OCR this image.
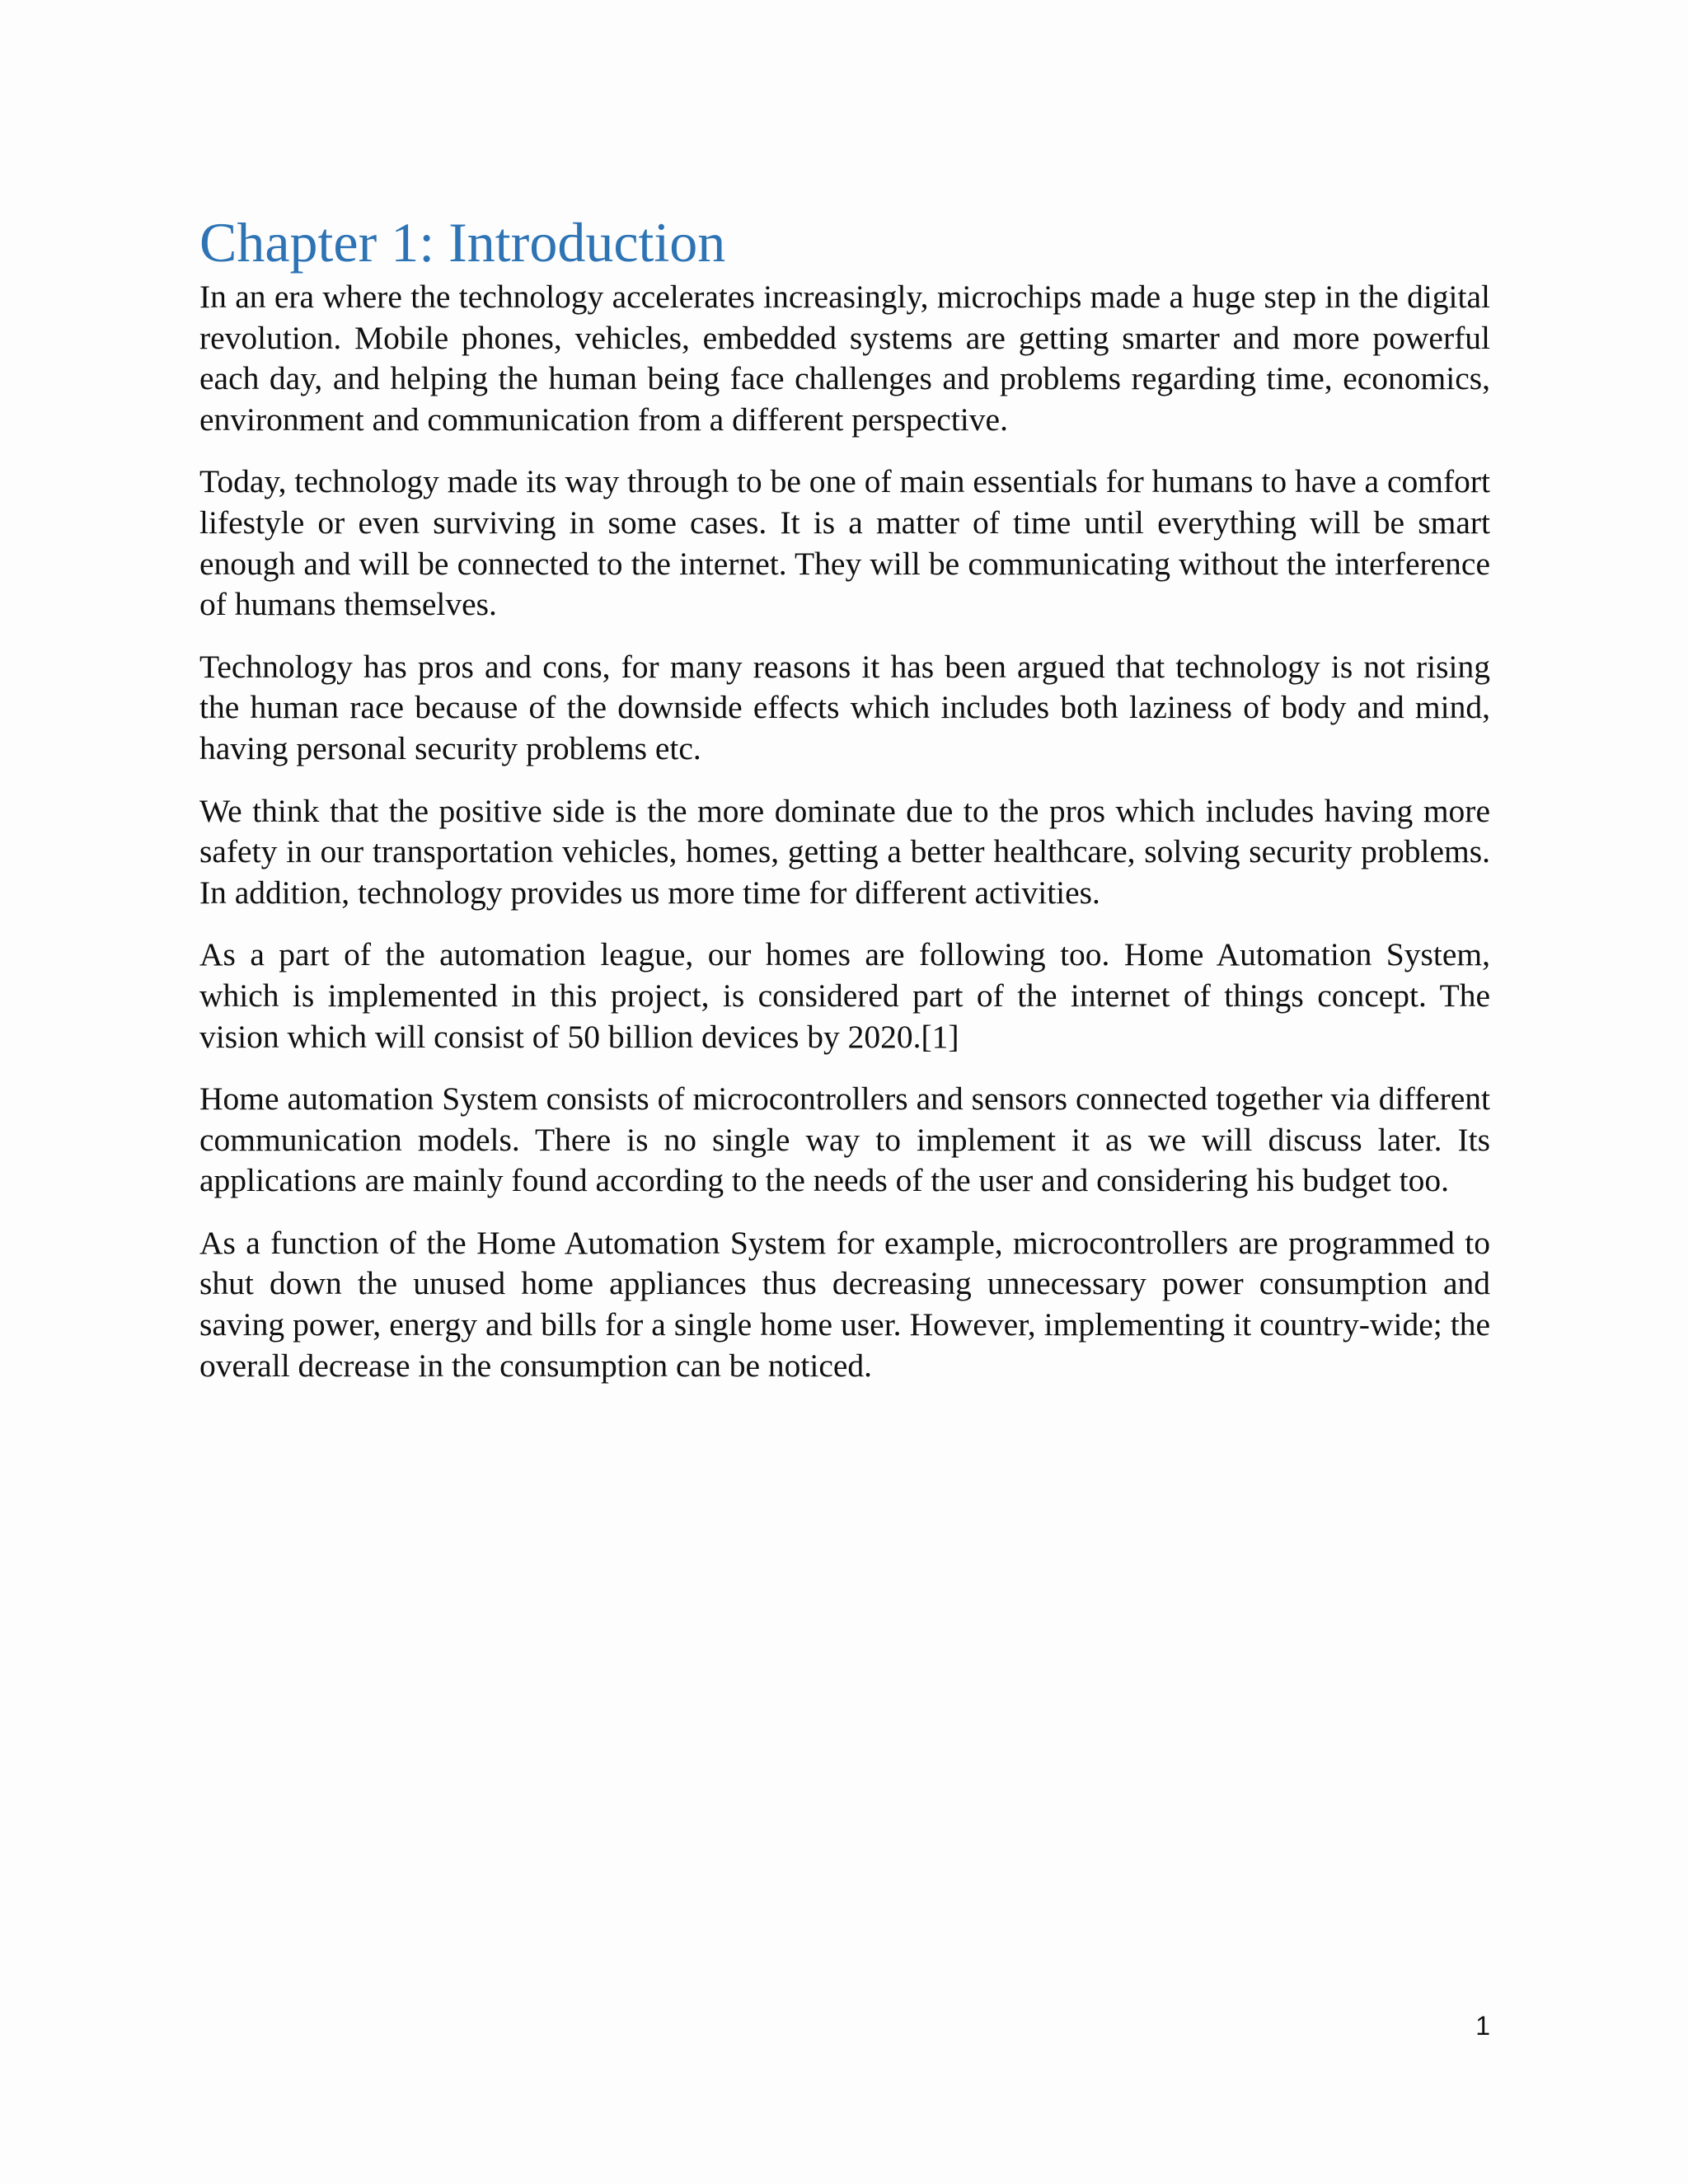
Chapter 1: Introduction

In an era where the technology accelerates increasingly, microchips made a huge step in the digital revolution. Mobile phones, vehicles, embedded systems are getting smarter and more powerful each day, and helping the human being face challenges and problems regarding time, economics, environment and communication from a different perspective.

Today, technology made its way through to be one of main essentials for humans to have a comfort lifestyle or even surviving in some cases. It is a matter of time until everything will be smart enough and will be connected to the internet. They will be communicating without the interference of humans themselves.

Technology has pros and cons, for many reasons it has been argued that technology is not rising the human race because of the downside effects which includes both laziness of body and mind, having personal security problems etc.

We think that the positive side is the more dominate due to the pros which includes having more safety in our transportation vehicles, homes, getting a better healthcare, solving security problems. In addition, technology provides us more time for different activities.

As a part of the automation league, our homes are following too. Home Automation System, which is implemented in this project, is considered part of the internet of things concept. The vision which will consist of 50 billion devices by 2020.[1]

Home automation System consists of microcontrollers and sensors connected together via different communication models. There is no single way to implement it as we will discuss later. Its applications are mainly found according to the needs of the user and considering his budget too.

As a function of the Home Automation System for example, microcontrollers are programmed to shut down the unused home appliances thus decreasing unnecessary power consumption and saving power, energy and bills for a single home user. However, implementing it country-wide; the overall decrease in the consumption can be noticed.

1
